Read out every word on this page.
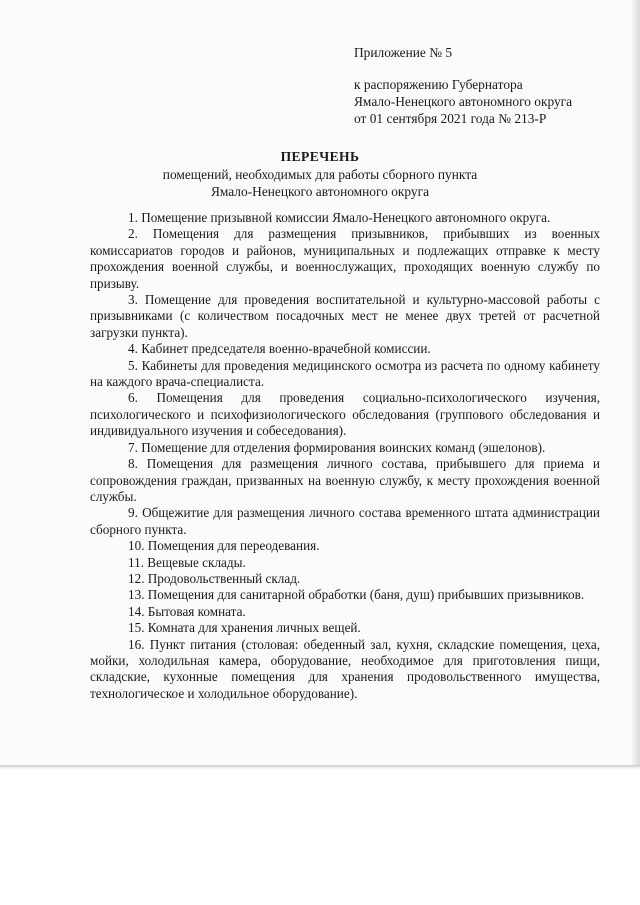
Приложение № 5
к распоряжению Губернатора
Ямало-Ненецкого автономного округа
от 01 сентября 2021 года № 213-Р
ПЕРЕЧЕНЬ
помещений, необходимых для работы сборного пункта
Ямало-Ненецкого автономного округа

1. Помещение призывной комиссии Ямало-Ненецкого автономного округа.

2. Помещения для размещения призывников, прибывших из военных комиссариатов городов и районов, муниципальных и подлежащих отправке к месту прохождения военной службы, и военнослужащих, проходящих военную службу по призыву.

3. Помещение для проведения воспитательной и культурно-массовой работы с призывниками (с количеством посадочных мест не менее двух третей от расчетной загрузки пункта).

4. Кабинет председателя военно-врачебной комиссии.

5. Кабинеты для проведения медицинского осмотра из расчета по одному кабинету на каждого врача-специалиста.

6. Помещения для проведения социально-психологического изучения, психологического и психофизиологического обследования (группового обследования и индивидуального изучения и собеседования).

7. Помещение для отделения формирования воинских команд (эшелонов).

8. Помещения для размещения личного состава, прибывшего для приема и сопровождения граждан, призванных на военную службу, к месту прохождения военной службы.

9. Общежитие для размещения личного состава временного штата администрации сборного пункта.

10. Помещения для переодевания.

11. Вещевые склады.

12. Продовольственный склад.

13. Помещения для санитарной обработки (баня, душ) прибывших призывников.

14. Бытовая комната.

15. Комната для хранения личных вещей.

16. Пункт питания (столовая: обеденный зал, кухня, складские помещения, цеха, мойки, холодильная камера, оборудование, необходимое для приготовления пищи, складские, кухонные помещения для хранения продовольственного имущества, технологическое и холодильное оборудование).
